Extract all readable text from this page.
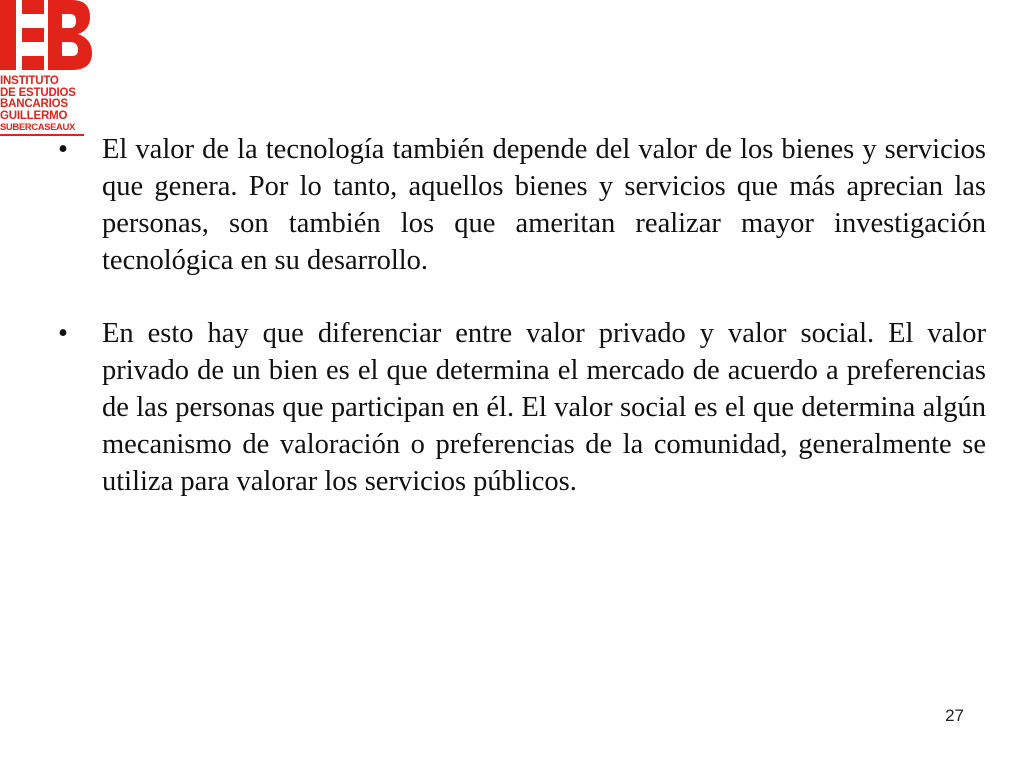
INSTITUTO
DE ESTUDIOS
BANCARIOS
GUILLERMO
SUBERCASEAUX

•	El valor de la tecnología también depende del valor de los bienes y servicios que genera. Por lo tanto, aquellos bienes y servicios que más aprecian las personas, son también los que ameritan realizar mayor investigación tecnológica en su desarrollo.

•	En esto hay que diferenciar entre valor privado y valor social. El valor privado de un bien es el que determina el mercado de acuerdo a preferencias de las personas que participan en él. El valor social es el que determina algún mecanismo de valoración o preferencias de la comunidad, generalmente se utiliza para valorar los servicios públicos.

27
